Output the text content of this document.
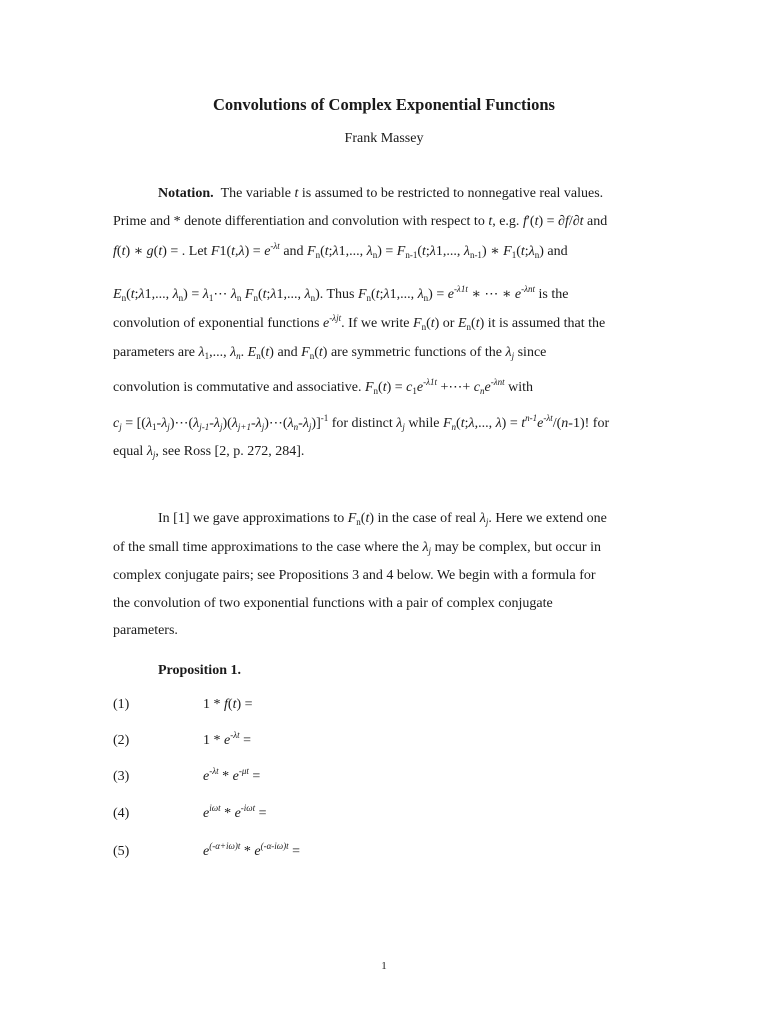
Convolutions of Complex Exponential Functions
Frank Massey
Notation. The variable t is assumed to be restricted to nonnegative real values.
Prime and * denote differentiation and convolution with respect to t, e.g. f′(t) = ∂f/∂t and
f(t) ∗ g(t) = . Let $F1(t,\lambda) = e^{-\lambda t}$ and $F_n(t;\lambda 1$,..., $\lambda_n$) = $F_{n-1}(t;\lambda 1$,..., $\lambda_{n-1}$) ∗ $F_1(t;\lambda_n)$ and
$E_n(t;\lambda 1$,..., $\lambda_n$) = $\lambda_1\cdots$ $\lambda_n$ $F_n(t;\lambda 1$,..., $\lambda_n$). Thus $F_n(t;\lambda 1$,..., $\lambda_n) = e^{-\lambda 1t}$ ∗ ⋯ ∗ $e^{-\lambda nt}$ is the
convolution of exponential functions $e^{-\lambda jt}$. If we write $F_n(t)$ or $E_n(t)$ it is assumed that the
parameters are $\lambda_1$,..., $\lambda_n$. $E_n(t)$ and $F_n(t)$ are symmetric functions of the $\lambda_j$ since
convolution is commutative and associative. $F_n(t) = c_1e^{-\lambda 1t}$ +⋯+ $c_ne^{-\lambda nt}$ with
$c_j$ = $[(\lambda_1-\lambda_j)\cdots(\lambda_{j-1}-\lambda_j)(\lambda_{j+1}-\lambda_j)\cdots(\lambda_n-\lambda_j)]^{-1}$ for distinct $\lambda_j$ while $F_n(t;\lambda$,..., $\lambda) = t^{n-1}e^{-\lambda t}/(n-1)$! for
equal $\lambda_j$, see Ross [2, p. 272, 284].
In [1] we gave approximations to $F_n(t)$ in the case of real $\lambda_j$. Here we extend one
of the small time approximations to the case where the $\lambda_j$ may be complex, but occur in
complex conjugate pairs; see Propositions 3 and 4 below. We begin with a formula for
the convolution of two exponential functions with a pair of complex conjugate
parameters.
Proposition 1.
(1)	1 * f(t) =
(2)	$1 * e^{-\lambda t}$ =
(3)	$e^{-\lambda t} * e^{-\mu t}$ =
(4)	$e^{i\omega t} * e^{-i\omega t}$ =
(5)	$e^{(-\alpha+i\omega)t} * e^{(-\alpha-i\omega)t}$ =
1
